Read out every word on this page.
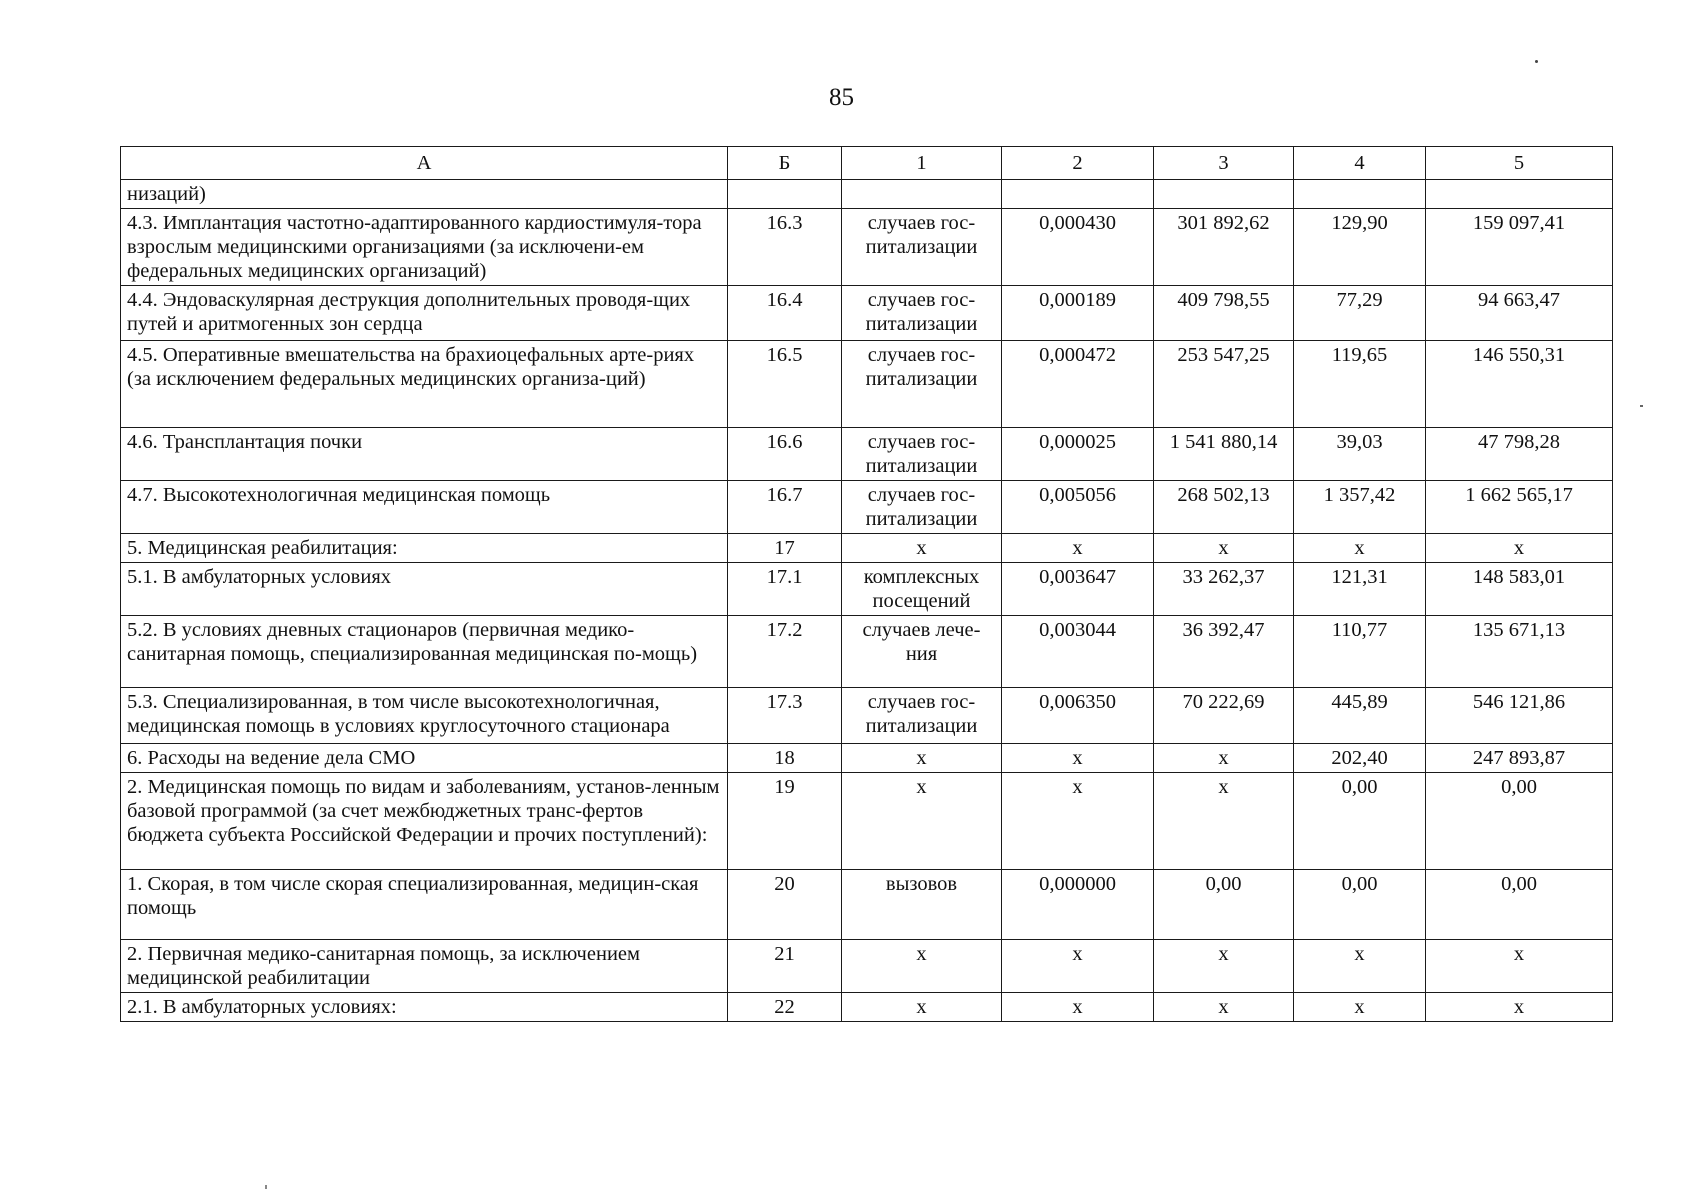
85
А	Б	1	2	3	4	5
низаций)						
4.3. Имплантация частотно-адаптированного кардиостимуля-тора взрослым медицинскими организациями (за исключени-ем федеральных медицинских организаций)	16.3	случаев гос-питализации	0,000430	301 892,62	129,90	159 097,41
4.4. Эндоваскулярная деструкция дополнительных проводя-щих путей и аритмогенных зон сердца	16.4	случаев гос-питализации	0,000189	409 798,55	77,29	94 663,47
4.5. Оперативные вмешательства на брахиоцефальных арте-риях (за исключением федеральных медицинских организа-ций)	16.5	случаев гос-питализации	0,000472	253 547,25	119,65	146 550,31
4.6. Трансплантация почки	16.6	случаев гос-питализации	0,000025	1 541 880,14	39,03	47 798,28
4.7. Высокотехнологичная медицинская помощь	16.7	случаев гос-питализации	0,005056	268 502,13	1 357,42	1 662 565,17
5. Медицинская реабилитация:	17	х	х	х	х	х
5.1. В амбулаторных условиях	17.1	комплексных посещений	0,003647	33 262,37	121,31	148 583,01
5.2. В условиях дневных стационаров (первичная медико-санитарная помощь, специализированная медицинская по-мощь)	17.2	случаев лече-ния	0,003044	36 392,47	110,77	135 671,13
5.3. Специализированная, в том числе высокотехнологичная, медицинская помощь в условиях круглосуточного стационара	17.3	случаев гос-питализации	0,006350	70 222,69	445,89	546 121,86
6. Расходы на ведение дела СМО	18	х	х	х	202,40	247 893,87
2. Медицинская помощь по видам и заболеваниям, установ-ленным базовой программой (за счет межбюджетных транс-фертов бюджета субъекта Российской Федерации и прочих поступлений):	19	х	х	х	0,00	0,00
1. Скорая, в том числе скорая специализированная, медицин-ская помощь	20	вызовов	0,000000	0,00	0,00	0,00
2. Первичная медико-санитарная помощь, за исключением медицинской реабилитации	21	х	х	х	х	х
2.1. В амбулаторных условиях:	22	х	х	х	х	х
